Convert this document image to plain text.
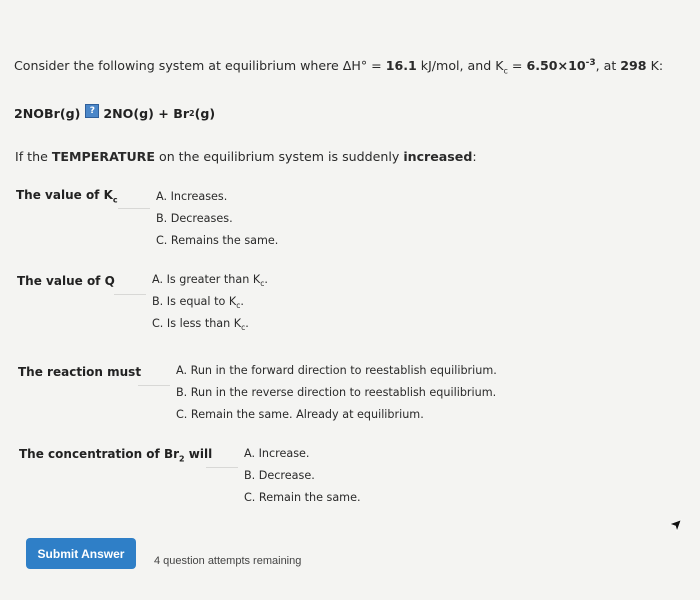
Consider the following system at equilibrium where ΔH° = 16.1 kJ/mol, and $K_c = 6.50\times 10^{-3}$, at 298 K:
2NOBr(g)	? 2NO(g) + Br 2 (g)
If the TEMPERATURE on the equilibrium system is suddenly increased:
The value of $K_c$	A. Increases.
B. Decreases.
C. Remains the same.
The value of Q	A. Is greater than $K_c$.
B. Is equal to $K_c$.
C. Is less than $K_c$.
The reaction must	A. Run in the forward direction to reestablish equilibrium.
B. Run in the reverse direction to reestablish equilibrium.
C. Remain the same. Already at equilibrium.
The concentration of $Br_2$ will	A. Increase.
B. Decrease.
C. Remain the same.
Submit Answer
4 question attempts remaining
